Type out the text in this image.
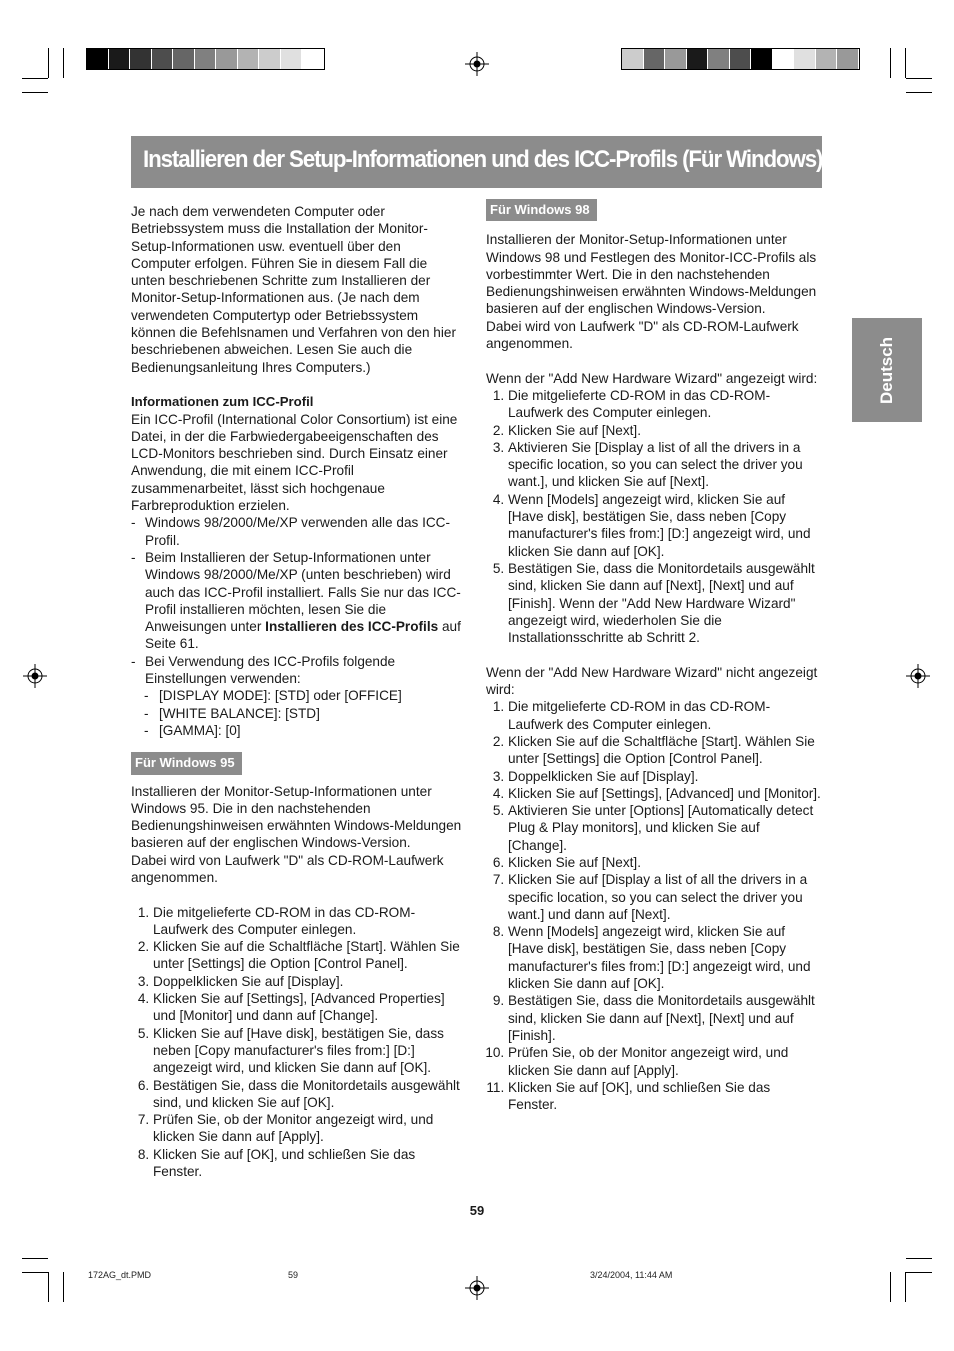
Installieren der Setup-Informationen und des ICC-Profils (Für Windows)
Deutsch

Je nach dem verwendeten Computer oder Betriebssystem muss die Installation der Monitor-Setup-Informationen usw. eventuell über den Computer erfolgen. Führen Sie in diesem Fall die unten beschriebenen Schritte zum Installieren der Monitor-Setup-Informationen aus. (Je nach dem verwendeten Computertyp oder Betriebssystem können die Befehlsnamen und Verfahren von den hier beschriebenen abweichen. Lesen Sie auch die Bedienungsanleitung Ihres Computers.)

Informationen zum ICC-Profil

Ein ICC-Profil (International Color Consortium) ist eine Datei, in der die Farbwiedergabeeigenschaften des LCD-Monitors beschrieben sind. Durch Einsatz einer Anwendung, die mit einem ICC-Profil zusammenarbeitet, lässt sich hochgenaue Farbreproduktion erzielen.

- Windows 98/2000/Me/XP verwenden alle das ICC-Profil.

- Beim Installieren der Setup-Informationen unter Windows 98/2000/Me/XP (unten beschrieben) wird auch das ICC-Profil installiert. Falls Sie nur das ICC-Profil installieren möchten, lesen Sie die Anweisungen unter Installieren des ICC-Profils auf Seite 61.

- Bei Verwendung des ICC-Profils folgende Einstellungen verwenden:

- [DISPLAY MODE]: [STD] oder [OFFICE]

- [WHITE BALANCE]: [STD]

- [GAMMA]: [0]

Für Windows 95

Installieren der Monitor-Setup-Informationen unter Windows 95. Die in den nachstehenden Bedienungshinweisen erwähnten Windows-Meldungen basieren auf der englischen Windows-Version.

Dabei wird von Laufwerk "D" als CD-ROM-Laufwerk angenommen.

1. Die mitgelieferte CD-ROM in das CD-ROM-Laufwerk des Computer einlegen.
2. Klicken Sie auf die Schaltfläche [Start]. Wählen Sie unter [Settings] die Option [Control Panel].
3. Doppelklicken Sie auf [Display].
4. Klicken Sie auf [Settings], [Advanced Properties] und [Monitor] und dann auf [Change].
5. Klicken Sie auf [Have disk], bestätigen Sie, dass neben [Copy manufacturer's files from:] [D:] angezeigt wird, und klicken Sie dann auf [OK].
6. Bestätigen Sie, dass die Monitordetails ausgewählt sind, und klicken Sie auf [OK].
7. Prüfen Sie, ob der Monitor angezeigt wird, und klicken Sie dann auf [Apply].
8. Klicken Sie auf [OK], und schließen Sie das Fenster.
Für Windows 98

Installieren der Monitor-Setup-Informationen unter Windows 98 und Festlegen des Monitor-ICC-Profils als vorbestimmter Wert. Die in den nachstehenden Bedienungshinweisen erwähnten Windows-Meldungen basieren auf der englischen Windows-Version.

Dabei wird von Laufwerk "D" als CD-ROM-Laufwerk angenommen.

Wenn der "Add New Hardware Wizard" angezeigt wird:

1. Die mitgelieferte CD-ROM in das CD-ROM-Laufwerk des Computer einlegen.
2. Klicken Sie auf [Next].
3. Aktivieren Sie [Display a list of all the drivers in a specific location, so you can select the driver you want.], und klicken Sie auf [Next].
4. Wenn [Models] angezeigt wird, klicken Sie auf [Have disk], bestätigen Sie, dass neben [Copy manufacturer's files from:] [D:] angezeigt wird, und klicken Sie dann auf [OK].
5. Bestätigen Sie, dass die Monitordetails ausgewählt sind, klicken Sie dann auf [Next], [Next] und auf [Finish]. Wenn der "Add New Hardware Wizard" angezeigt wird, wiederholen Sie die Installationsschritte ab Schritt 2.

Wenn der "Add New Hardware Wizard" nicht angezeigt wird:

1. Die mitgelieferte CD-ROM in das CD-ROM-Laufwerk des Computer einlegen.
2. Klicken Sie auf die Schaltfläche [Start]. Wählen Sie unter [Settings] die Option [Control Panel].
3. Doppelklicken Sie auf [Display].
4. Klicken Sie auf [Settings], [Advanced] und [Monitor].
5. Aktivieren Sie unter [Options] [Automatically detect Plug & Play monitors], und klicken Sie auf [Change].
6. Klicken Sie auf [Next].
7. Klicken Sie auf [Display a list of all the drivers in a specific location, so you can select the driver you want.] und dann auf [Next].
8. Wenn [Models] angezeigt wird, klicken Sie auf [Have disk], bestätigen Sie, dass neben [Copy manufacturer's files from:] [D:] angezeigt wird, und klicken Sie dann auf [OK].
9. Bestätigen Sie, dass die Monitordetails ausgewählt sind, klicken Sie dann auf [Next], [Next] und auf [Finish].
10. Prüfen Sie, ob der Monitor angezeigt wird, und klicken Sie dann auf [Apply].
11. Klicken Sie auf [OK], und schließen Sie das Fenster.
59
172AG_dt.PMD	59	3/24/2004, 11:44 AM
